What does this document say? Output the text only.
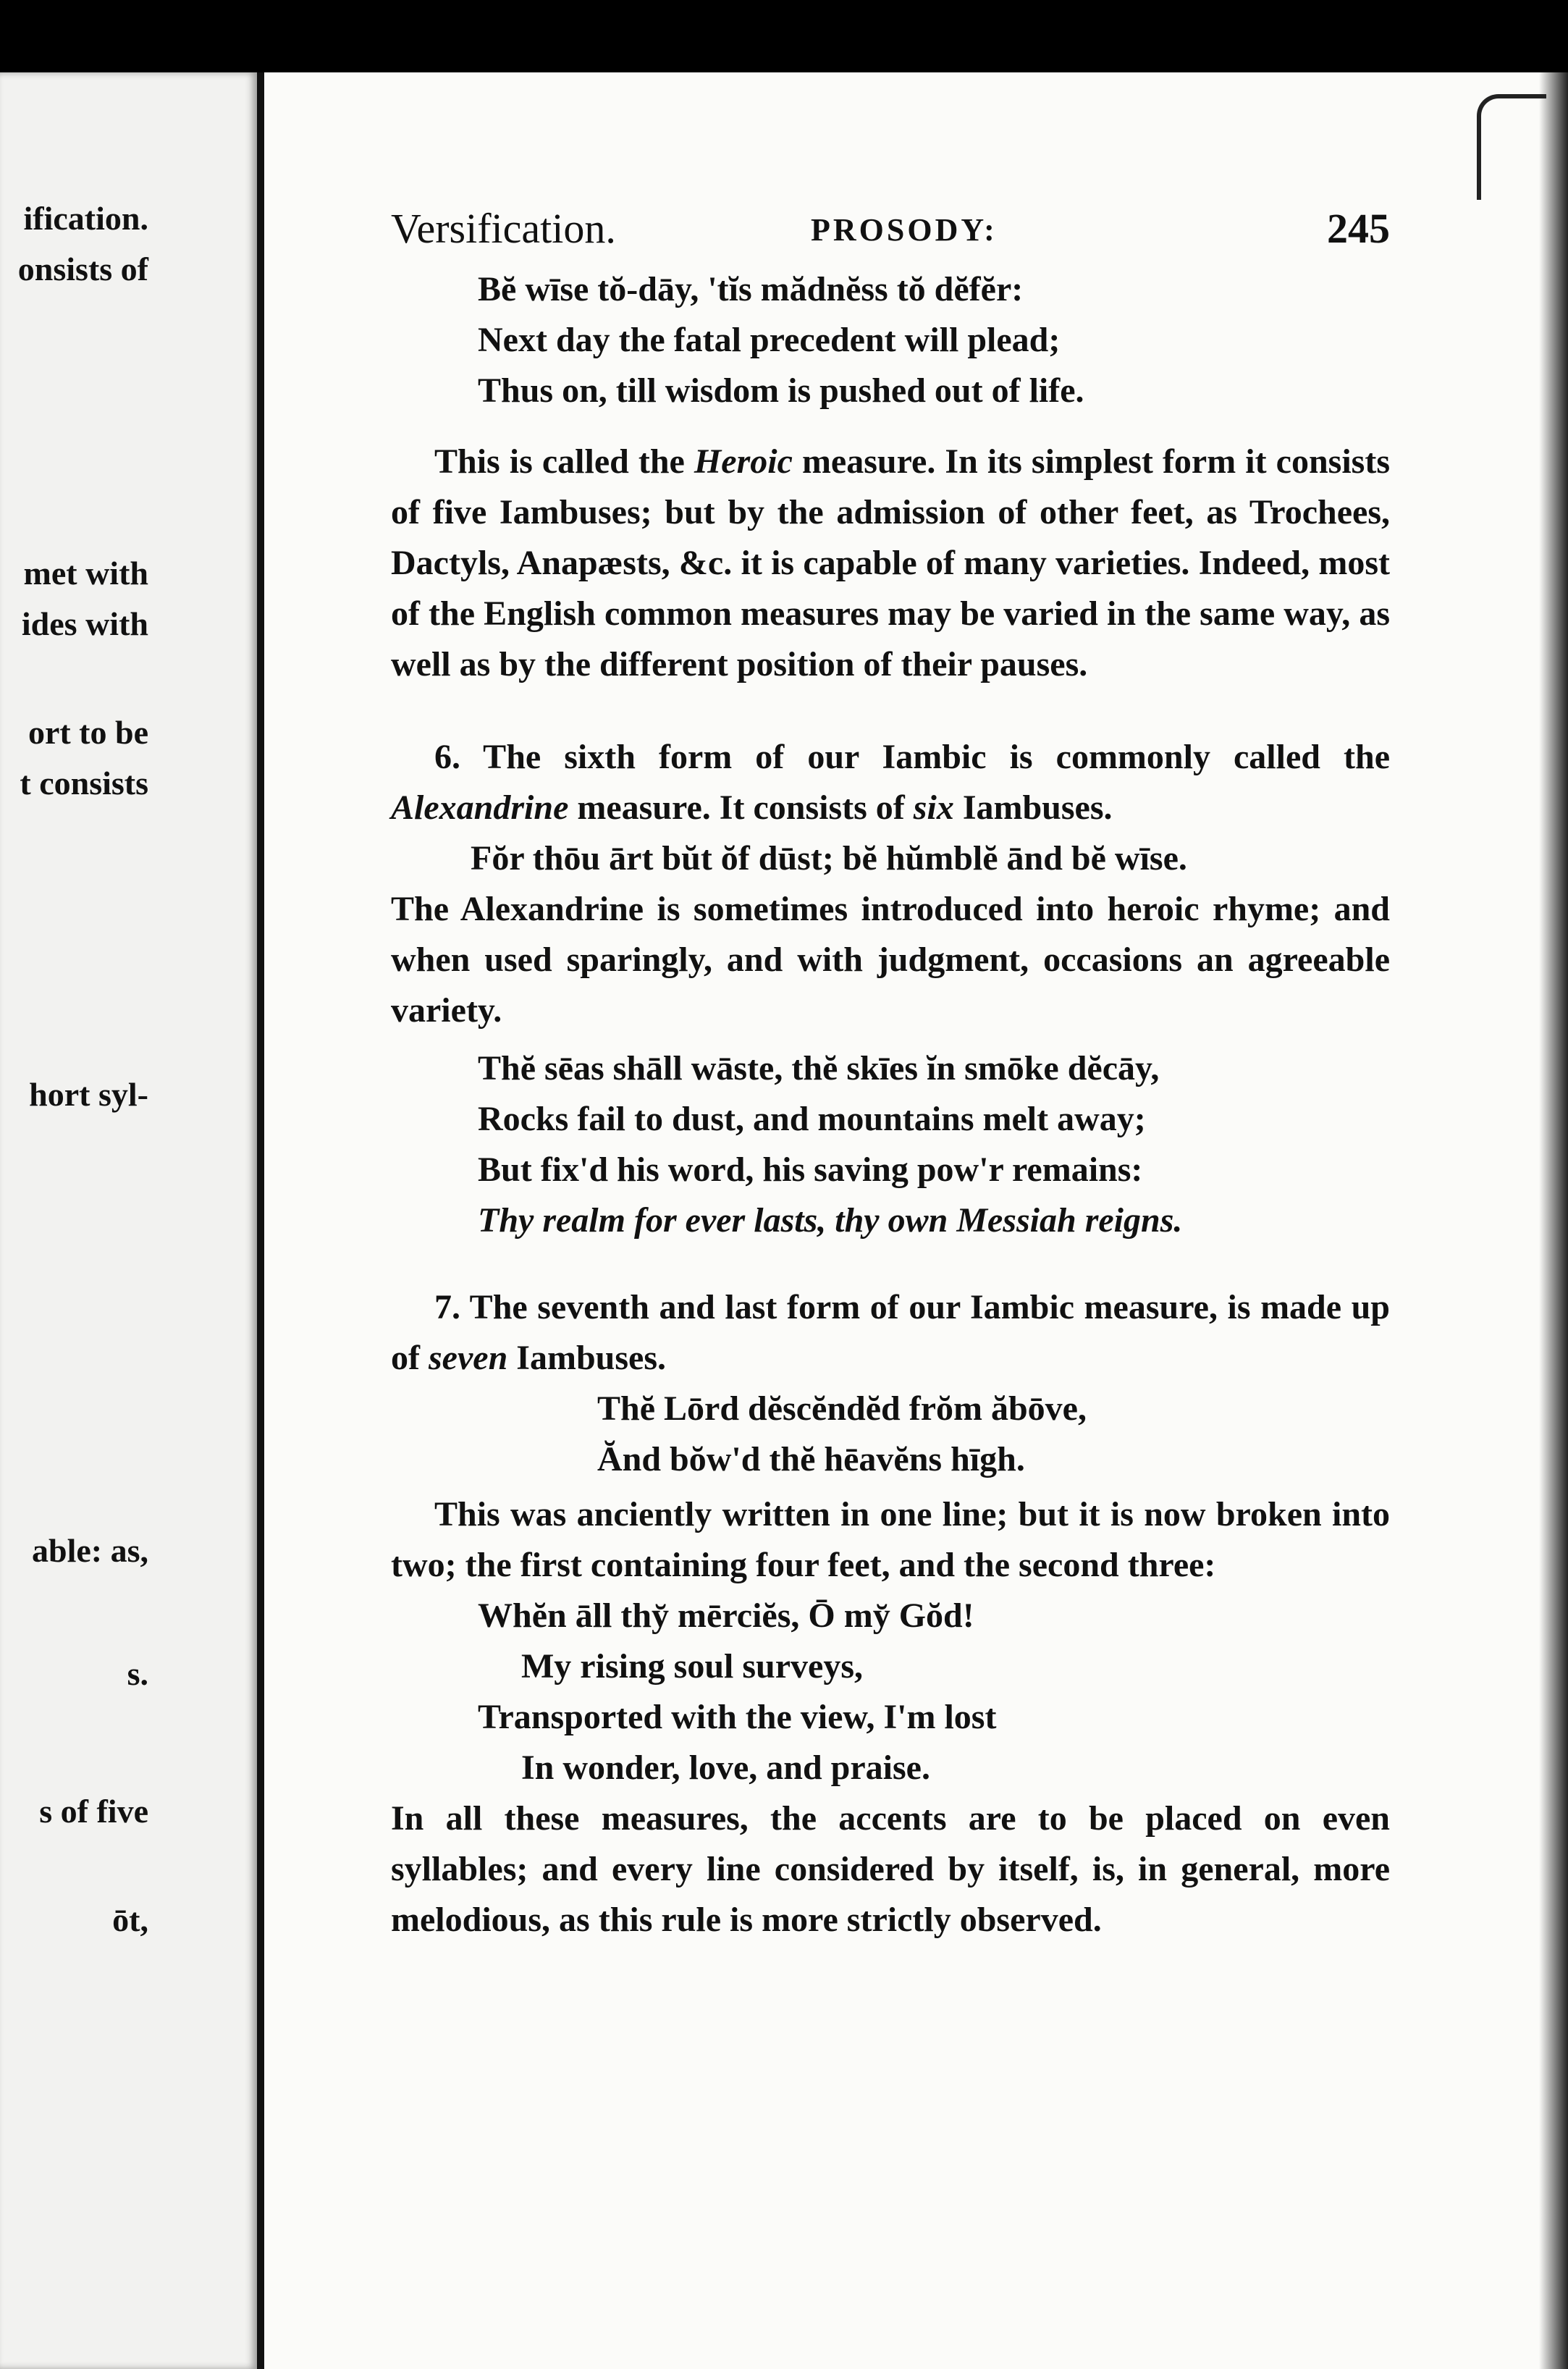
ification.
onsists of
met with
ides with
ort to be
t consists
hort syl-
able: as,
s.
s of five
ōt,
Versification.	PROSODY:	245
Bĕ wīse tŏ-dāy, 'tĭs mădnĕss tŏ dĕfĕr:
Next day the fatal precedent will plead;
Thus on, till wisdom is pushed out of life.

This is called the Heroic measure. In its simplest form it consists of five Iambuses; but by the admission of other feet, as Trochees, Dactyls, Anapæsts, &c. it is capable of many varieties. Indeed, most of the English common measures may be varied in the same way, as well as by the different position of their pauses.

6. The sixth form of our Iambic is commonly called the Alexandrine measure. It consists of six Iambuses.

Fŏr thōu ārt bŭt ŏf dūst; bĕ hŭmblĕ ānd bĕ wīse.

The Alexandrine is sometimes introduced into heroic rhyme; and when used sparingly, and with judgment, occasions an agreeable variety.

Thĕ sēas shāll wāste, thĕ skīes ĭn smōke dĕcāy,
Rocks fail to dust, and mountains melt away;
But fix'd his word, his saving pow'r remains:
Thy realm for ever lasts, thy own Messiah reigns.

7. The seventh and last form of our Iambic measure, is made up of seven Iambuses.

Thĕ Lōrd dĕscĕndĕd frŏm ăbōve,
Ănd bŏw'd thĕ hēavĕns hīgh.

This was anciently written in one line; but it is now broken into two; the first containing four feet, and the second three:

Whĕn āll thy̆ mērciĕs, Ō my̆ Gŏd!
My rising soul surveys,
Transported with the view, I'm lost
In wonder, love, and praise.

In all these measures, the accents are to be placed on even syllables; and every line considered by itself, is, in general, more melodious, as this rule is more strictly observed.
